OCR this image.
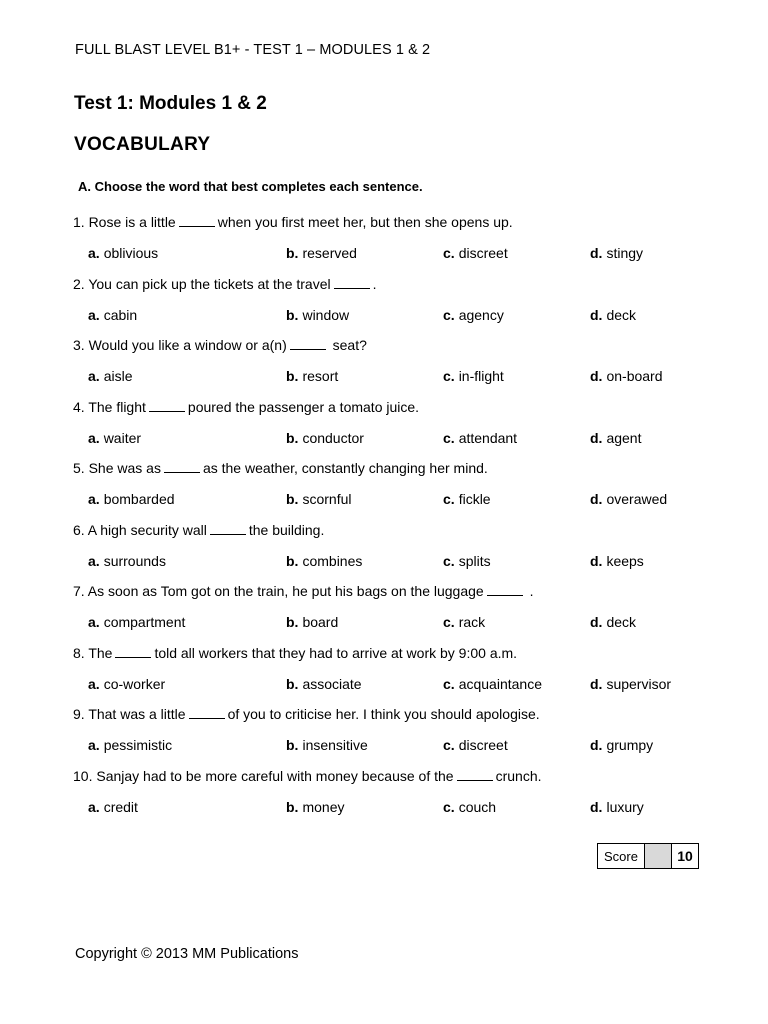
FULL BLAST LEVEL B1+ - TEST 1 – MODULES 1 & 2
Test 1: Modules 1 & 2
VOCABULARY
A. Choose the word that best completes each sentence.
1. Rose is a little	when you first meet her, but then she opens up.
a. oblivious	b. reserved	c. discreet	d. stingy
2. You can pick up the tickets at the travel	.
a. cabin	b. window	c. agency	d. deck
3. Would you like a window or a(n)	seat?
a. aisle	b. resort	c. in-flight	d. on-board
4. The flight	poured the passenger a tomato juice.
a. waiter	b. conductor	c. attendant	d. agent
5. She was as	as the weather, constantly changing her mind.
a. bombarded	b. scornful	c. fickle	d. overawed
6. A high security wall	the building.
a. surrounds	b. combines	c. splits	d. keeps
7. As soon as Tom got on the train, he put his bags on the luggage	.
a. compartment	b. board	c. rack	d. deck
8. The	told all workers that they had to arrive at work by 9:00 a.m.
a. co-worker	b. associate	c. acquaintance	d. supervisor
9. That was a little	of you to criticise her. I think you should apologise.
a. pessimistic	b. insensitive	c. discreet	d. grumpy
10. Sanjay had to be more careful with money because of the	crunch.
a. credit	b. money	c. couch	d. luxury
Score	10
Copyright © 2013 MM Publications
